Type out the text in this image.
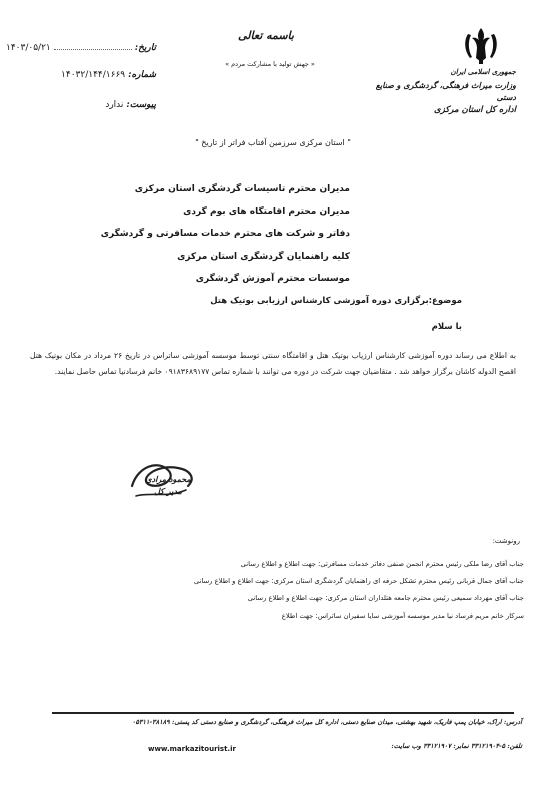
جمهوری اسلامی ایران
وزارت میراث فرهنگی، گردشگری و صنایع دستی
اداره کل استان مرکزی
باسمه تعالی
« جهش تولید با مشارکت مردم »
تاریخ:
۱۴۰۳/۰۵/۲۱
شماره:
۱۴۰۳۲/۱۴۴/۱۶۶۹
پیوست:
ندارد
" استان مرکزی سرزمین آفتاب فراتر از تاریخ "
مدیران محترم تاسیسات گردشگری استان مرکزی
مدیران محترم اقامتگاه های بوم گردی
دفاتر و شرکت های محترم خدمات مسافرتی و گردشگری
کلیه راهنمایان گردشگری استان مرکزی
موسسات محترم آموزش گردشگری
موضوع:برگزاری دوره آموزشی کارشناس ارزیابی بوتیک هتل
با سلام
به اطلاع می رساند دوره آموزشی کارشناس ارزیاب بوتیک هتل و اقامتگاه سنتی توسط موسسه آموزشی ساتراس در تاریخ ۲۶ مرداد در مکان بوتیک هتل اقصح الدوله کاشان برگزار خواهد شد . متقاضیان جهت شرکت در دوره می توانند با شماره تماس ۰۹۱۸۳۶۸۹۱۷۷ خانم فرسادنیا تماس حاصل نمایند.
محمود مرادی
مدیر کل
رونوشت:
جناب آقای رضا ملکی رئیس محترم انجمن صنفی دفاتر خدمات مسافرتی: جهت اطلاع و اطلاع رسانی
جناب آقای جمال قربانی رئیس محترم تشکل حرفه ای راهنمایان گردشگری استان مرکزی: جهت اطلاع و اطلاع رسانی
جناب آقای مهرداد سمیعی رئیس محترم جامعه هتلداران استان مرکزی: جهت اطلاع و اطلاع رسانی
سرکار خانم مریم فرساد نیا مدیر موسسه آموزشی سایا سفیران ساتراس: جهت اطلاع
آدرس: اراک، خیابان پمپ فاریک، شهید بهشتی، میدان صنایع دستی، اداره کل میراث فرهنگی، گردشگری و صنایع دستی کد پستی: ۳۸۱۸۹-۰۵۳۱۱
تلفن: ۵-۳۳۱۲۱۹۰۴ نمابر: ۳۳۱۲۱۹۰۷ وب سایت:
www.markazitourist.ir
